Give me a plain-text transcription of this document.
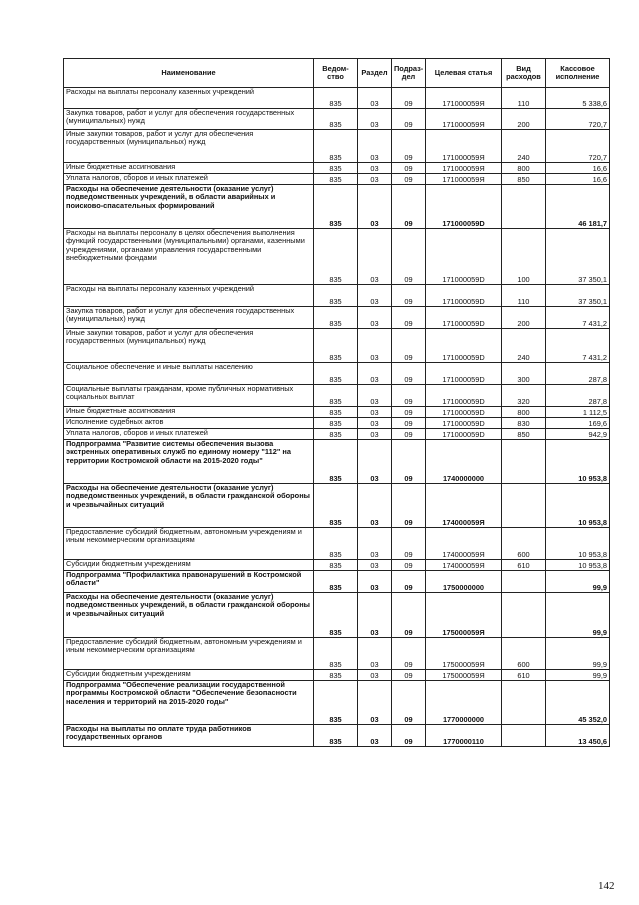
Наименование	Ведом-ство	Раздел	Подраз-дел	Целевая статья	Вид расходов	Кассовое исполнение
Расходы на выплаты персоналу казенных учреждений	835	03	09	171000059Я	110	5 338,6
Закупка товаров, работ и услуг для обеспечения государственных (муниципальных) нужд	835	03	09	171000059Я	200	720,7
Иные закупки товаров, работ и услуг для обеспечения государственных (муниципальных) нужд	835	03	09	171000059Я	240	720,7
Иные бюджетные ассигнования	835	03	09	171000059Я	800	16,6
Уплата налогов, сборов и иных платежей	835	03	09	171000059Я	850	16,6
Расходы на обеспечение деятельности (оказание услуг) подведомственных учреждений, в области аварийных и поисково-спасательных формирований	835	03	09	171000059D		46 181,7
Расходы на выплаты персоналу в целях обеспечения выполнения функций государственными (муниципальными) органами, казенными учреждениями, органами управления государственными внебюджетными фондами	835	03	09	171000059D	100	37 350,1
Расходы на выплаты персоналу казенных учреждений	835	03	09	171000059D	110	37 350,1
Закупка товаров, работ и услуг для обеспечения государственных (муниципальных) нужд	835	03	09	171000059D	200	7 431,2
Иные закупки товаров, работ и услуг для обеспечения государственных (муниципальных) нужд	835	03	09	171000059D	240	7 431,2
Социальное обеспечение и иные выплаты населению	835	03	09	171000059D	300	287,8
Социальные выплаты гражданам, кроме публичных нормативных социальных выплат	835	03	09	171000059D	320	287,8
Иные бюджетные ассигнования	835	03	09	171000059D	800	1 112,5
Исполнение судебных актов	835	03	09	171000059D	830	169,6
Уплата налогов, сборов и иных платежей	835	03	09	171000059D	850	942,9
Подпрограмма "Развитие системы обеспечения вызова экстренных оперативных служб по единому номеру "112" на территории Костромской области на 2015-2020 годы"	835	03	09	1740000000		10 953,8
Расходы на обеспечение деятельности (оказание услуг) подведомственных учреждений, в области гражданской обороны и чрезвычайных ситуаций	835	03	09	174000059Я		10 953,8
Предоставление субсидий бюджетным, автономным учреждениям и иным некоммерческим организациям	835	03	09	174000059Я	600	10 953,8
Субсидии бюджетным учреждениям	835	03	09	174000059Я	610	10 953,8
Подпрограмма "Профилактика правонарушений в Костромской области"	835	03	09	1750000000		99,9
Расходы на обеспечение деятельности (оказание услуг) подведомственных учреждений, в области гражданской обороны и чрезвычайных ситуаций	835	03	09	175000059Я		99,9
Предоставление субсидий бюджетным, автономным учреждениям и иным некоммерческим организациям	835	03	09	175000059Я	600	99,9
Субсидии бюджетным учреждениям	835	03	09	175000059Я	610	99,9
Подпрограмма "Обеспечение реализации государственной программы Костромской области "Обеспечение безопасности населения и территорий на 2015-2020 годы"	835	03	09	1770000000		45 352,0
Расходы на выплаты по оплате труда работников государственных органов	835	03	09	1770000110		13 450,6
142
